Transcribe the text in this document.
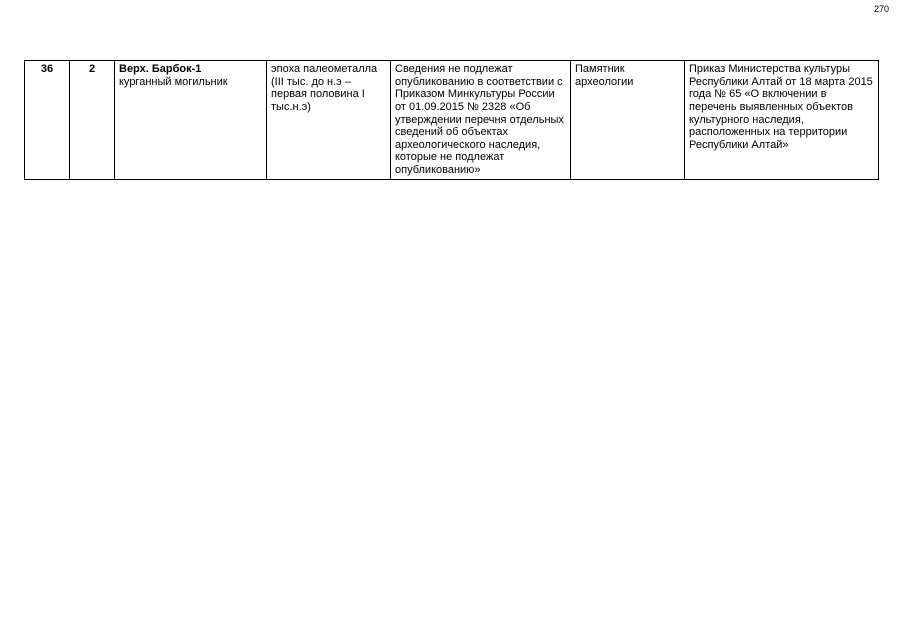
270
36	2	Верх. Барбок-1
курганный могильник
	эпоха палеометалла (III тыс. до н.э – первая половина I тыс.н.э)	Сведения не подлежат опубликованию в соответствии с Приказом Минкультуры России от 01.09.2015 № 2328 «Об утверждении перечня отдельных сведений об объектах археологического наследия, которые не подлежат опубликованию»	Памятник археологии	Приказ Министерства культуры Республики Алтай от 18 марта 2015 года № 65 «О включении в перечень выявленных объектов культурного наследия, расположенных на территории Республики Алтай»
